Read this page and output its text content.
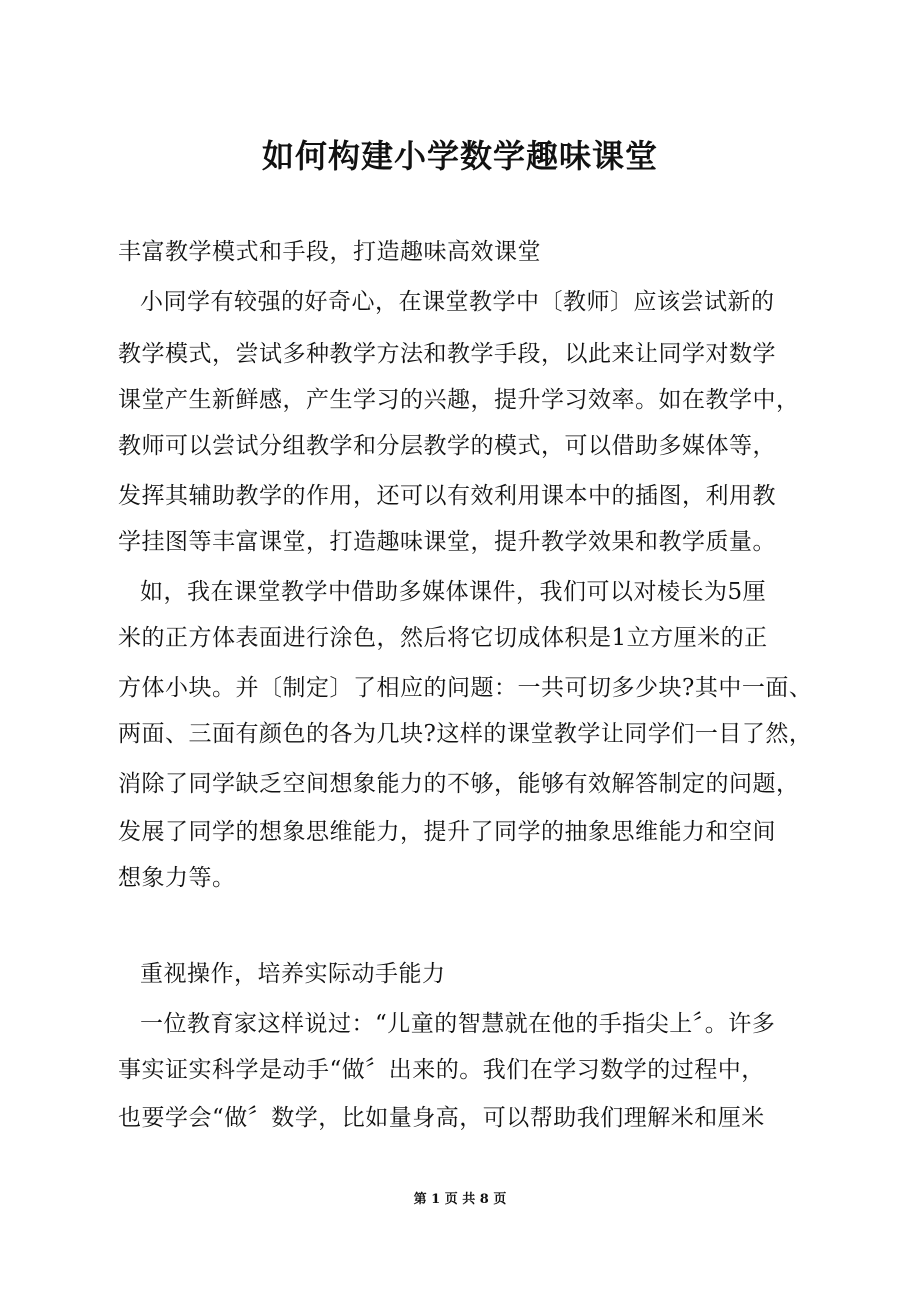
如何构建小学数学趣味课堂
丰富教学模式和手段，打造趣味高效课堂
小同学有较强的好奇心，在课堂教学中〔教师〕应该尝试新的
教学模式，尝试多种教学方法和教学手段，以此来让同学对数学
课堂产生新鲜感，产生学习的兴趣，提升学习效率。如在教学中，
教师可以尝试分组教学和分层教学的模式，可以借助多媒体等，
发挥其辅助教学的作用，还可以有效利用课本中的插图，利用教
学挂图等丰富课堂，打造趣味课堂，提升教学效果和教学质量。
如，我在课堂教学中借助多媒体课件，我们可以对棱长为5厘
米的正方体表面进行涂色，然后将它切成体积是1立方厘米的正
方体小块。并〔制定〕了相应的问题：一共可切多少块?其中一面、
两面、三面有颜色的各为几块?这样的课堂教学让同学们一目了然，
消除了同学缺乏空间想象能力的不够，能够有效解答制定的问题，
发展了同学的想象思维能力，提升了同学的抽象思维能力和空间
想象力等。
重视操作，培养实际动手能力
一位教育家这样说过：“儿童的智慧就在他的手指尖上〞。许多
事实证实科学是动手“做〞出来的。我们在学习数学的过程中，
也要学会“做〞数学，比如量身高，可以帮助我们理解米和厘米
第 1 页 共 8 页
